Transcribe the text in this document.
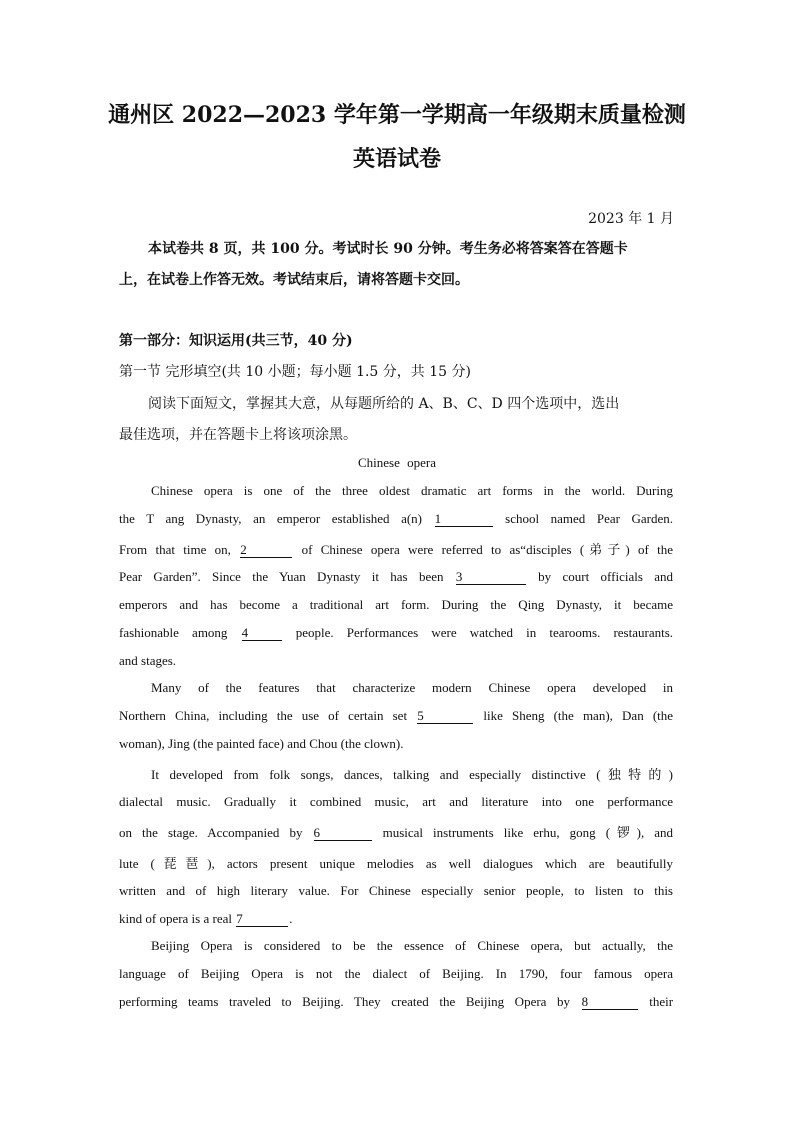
通州区 2022—2023 学年第一学期高一年级期末质量检测
英语试卷
2023 年 1 月
本试卷共 8 页，共 100 分。考试时长 90 分钟。考生务必将答案答在答题卡
上，在试卷上作答无效。考试结束后，请将答题卡交回。
第一部分：知识运用(共三节，40 分)
第一节 完形填空(共 10 小题；每小题 1.5 分，共 15 分)
阅读下面短文，掌握其大意，从每题所给的 A、B、C、D 四个选项中，选出
最佳选项，并在答题卡上将该项涂黑。
Chinese opera
Chinese opera is one of the three oldest dramatic art forms in the world. During
the T ang Dynasty, an emperor established a(n) 1	school named Pear Garden.
From that time on, 2	of Chinese opera were referred to as“disciples (弟子) of the
Pear Garden”. Since the Yuan Dynasty it has been 3	by court officials and
emperors and has become a traditional art form. During the Qing Dynasty, it became
fashionable among 4	people. Performances were watched in tearooms. restaurants.
and stages.
Many of the features that characterize modern Chinese opera developed in
Northern China, including the use of certain set 5	like Sheng (the man), Dan (the
woman), Jing (the painted face) and Chou (the clown).
It developed from folk songs, dances, talking and especially distinctive (独特的)
dialectal music. Gradually it combined music, art and literature into one performance
on the stage. Accompanied by 6	musical instruments like erhu, gong (锣), and
lute (琵琶), actors present unique melodies as well dialogues which are beautifully
written and of high literary value. For Chinese especially senior people, to listen to this
kind of opera is a real 7	.
Beijing Opera is considered to be the essence of Chinese opera, but actually, the
language of Beijing Opera is not the dialect of Beijing. In 1790, four famous opera
performing teams traveled to Beijing. They created the Beijing Opera by 8	their
